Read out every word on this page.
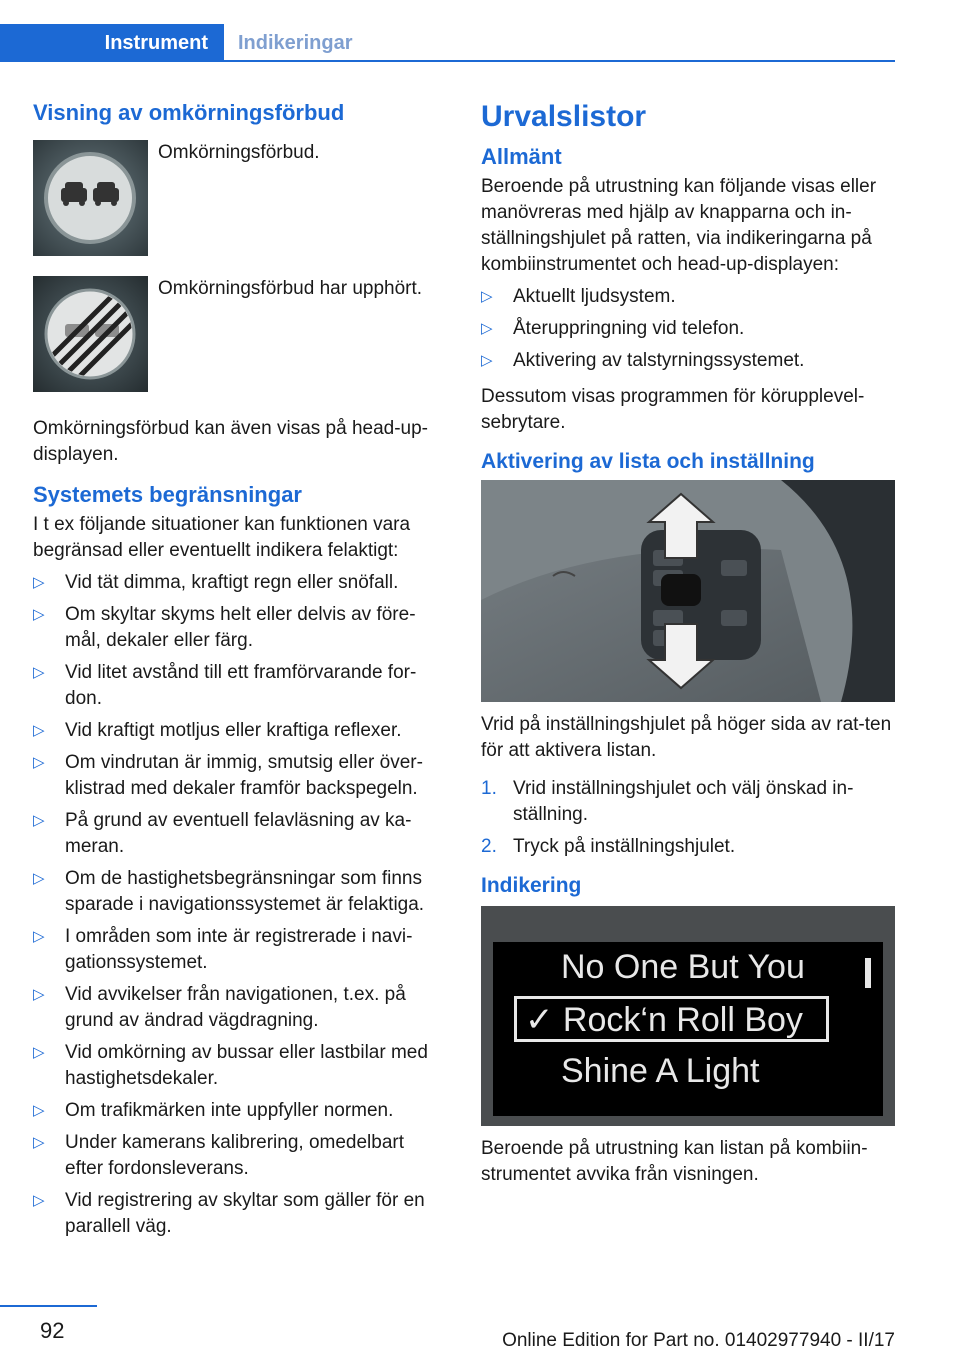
Instrument	Indikeringar
Visning av omkörningsförbud
Omkörningsförbud.
Omkörningsförbud har upphört.

Omkörningsförbud kan även visas på head-up-displayen.

Systemets begränsningar

I t ex följande situationer kan funktionen vara begränsad eller eventuellt indikera felaktigt:

▷ Vid tät dimma, kraftigt regn eller snöfall.
▷ Om skyltar skyms helt eller delvis av före-mål, dekaler eller färg.
▷ Vid litet avstånd till ett framförvarande for-don.
▷ Vid kraftigt motljus eller kraftiga reflexer.
▷ Om vindrutan är immig, smutsig eller över-klistrad med dekaler framför backspegeln.
▷ På grund av eventuell felavläsning av ka-meran.
▷ Om de hastighetsbegränsningar som finns sparade i navigationssystemet är felaktiga.
▷ I områden som inte är registrerade i navi-gationssystemet.
▷ Vid avvikelser från navigationen, t.ex. på grund av ändrad vägdragning.
▷ Vid omkörning av bussar eller lastbilar med hastighetsdekaler.
▷ Om trafikmärken inte uppfyller normen.
▷ Under kamerans kalibrering, omedelbart efter fordonsleverans.
▷ Vid registrering av skyltar som gäller för en parallell väg.
Urvalslistor
Allmänt

Beroende på utrustning kan följande visas eller manövreras med hjälp av knapparna och in-ställningshjulet på ratten, via indikeringarna på kombiinstrumentet och head-up-displayen:

▷ Aktuellt ljudsystem.
▷ Återuppringning vid telefon.
▷ Aktivering av talstyrningssystemet.

Dessutom visas programmen för körupplevel-sebrytare.

Aktivering av lista och inställning

Vrid på inställningshjulet på höger sida av rat-ten för att aktivera listan.

1. Vrid inställningshjulet och välj önskad in-ställning.
2. Tryck på inställningshjulet.
Indikering
No One But You
✓ Rock‘n Roll Boy
Shine A Light

Beroende på utrustning kan listan på kombiin-strumentet avvika från visningen.

92	Online Edition for Part no. 01402977940 - II/17
